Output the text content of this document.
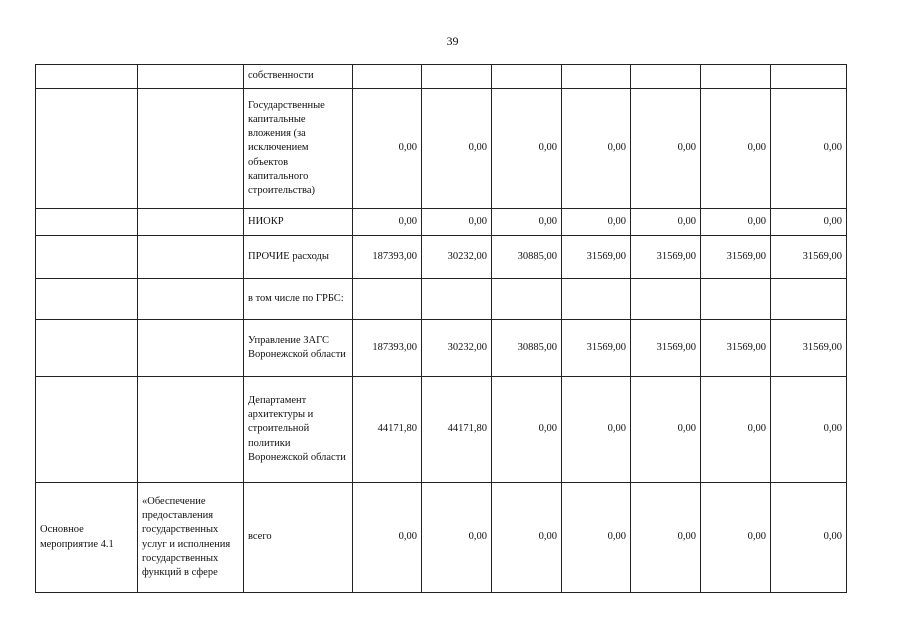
39
		собственности							
		Государственные капитальные вложения (за исключением объектов капитального строительства)	0,00	0,00	0,00	0,00	0,00	0,00	0,00
		НИОКР	0,00	0,00	0,00	0,00	0,00	0,00	0,00
		ПРОЧИЕ расходы	187393,00	30232,00	30885,00	31569,00	31569,00	31569,00	31569,00
		в том числе по ГРБС:							
		Управление ЗАГС Воронежской области	187393,00	30232,00	30885,00	31569,00	31569,00	31569,00	31569,00
		Департамент архитектуры и строительной политики Воронежской области	44171,80	44171,80	0,00	0,00	0,00	0,00	0,00
Основное мероприятие 4.1	«Обеспечение предоставления государственных услуг и исполнения государственных функций в сфере	всего	0,00	0,00	0,00	0,00	0,00	0,00	0,00
